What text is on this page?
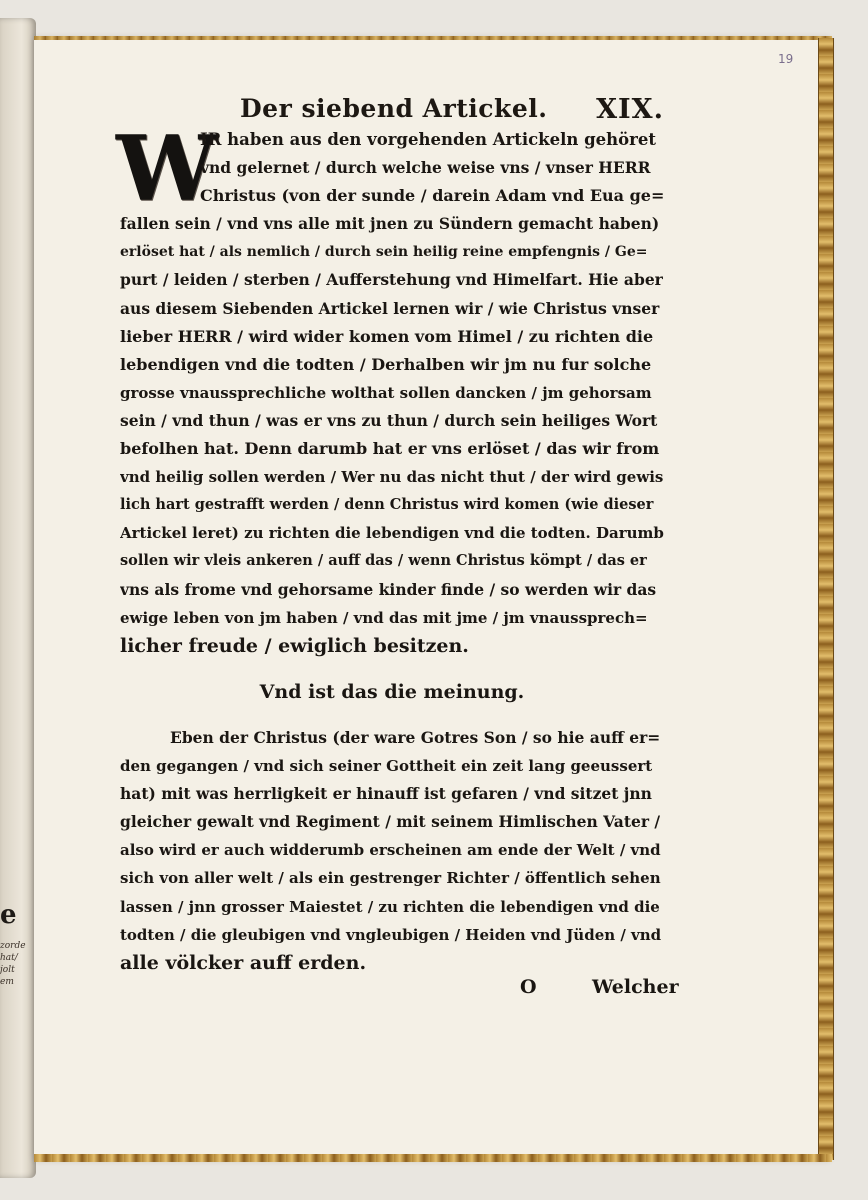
e
zorde
hat/
jolt
em
19
Der siebend Artickel. XIX.
W
IR haben aus den vorgehenden Artickeln gehöret
vnd gelernet / durch welche weise vns / vnser HERR
Christus (von der sunde / darein Adam vnd Eua ge=
fallen sein / vnd vns alle mit jnen zu Sündern gemacht haben)
erlöset hat / als nemlich / durch sein heilig reine empfengnis / Ge=
purt / leiden / sterben / Aufferstehung vnd Himelfart. Hie aber
aus diesem Siebenden Artickel lernen wir / wie Christus vnser
lieber HERR / wird wider komen vom Himel / zu richten die
lebendigen vnd die todten / Derhalben wir jm nu fur solche
grosse vnaussprechliche wolthat sollen dancken / jm gehorsam
sein / vnd thun / was er vns zu thun / durch sein heiliges Wort
befolhen hat. Denn darumb hat er vns erlöset / das wir from
vnd heilig sollen werden / Wer nu das nicht thut / der wird gewis
lich hart gestrafft werden / denn Christus wird komen (wie dieser
Artickel leret) zu richten die lebendigen vnd die todten. Darumb
sollen wir vleis ankeren / auff das / wenn Christus kömpt / das er
vns als frome vnd gehorsame kinder finde / so werden wir das
ewige leben von jm haben / vnd das mit jme / jm vnaussprech=
licher freude / ewiglich besitzen.
Vnd ist das die meinung.
Eben der Christus (der ware Gotres Son / so hie auff er=
den gegangen / vnd sich seiner Gottheit ein zeit lang geeussert
hat) mit was herrligkeit er hinauff ist gefaren / vnd sitzet jnn
gleicher gewalt vnd Regiment / mit seinem Himlischen Vater /
also wird er auch widderumb erscheinen am ende der Welt / vnd
sich von aller welt / als ein gestrenger Richter / öffentlich sehen
lassen / jnn grosser Maiestet / zu richten die lebendigen vnd die
todten / die gleubigen vnd vngleubigen / Heiden vnd Jüden / vnd
alle völcker auff erden.
O	Welcher
